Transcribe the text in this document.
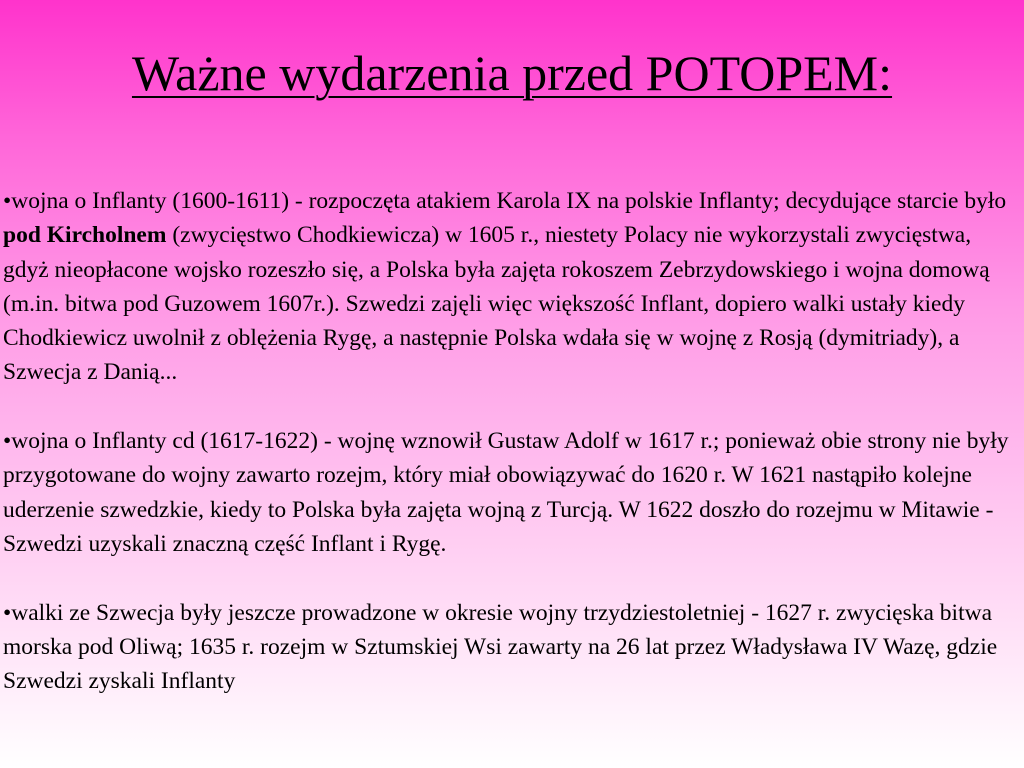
Ważne wydarzenia przed POTOPEM:

•wojna o Inflanty (1600-1611) - rozpoczęta atakiem Karola IX na polskie Inflanty; decydujące starcie było pod Kircholnem (zwycięstwo Chodkiewicza) w 1605 r., niestety Polacy nie wykorzystali zwycięstwa, gdyż nieopłacone wojsko rozeszło się, a Polska była zajęta rokoszem Zebrzydowskiego i wojna domową (m.in. bitwa pod Guzowem 1607r.). Szwedzi zajęli więc większość Inflant, dopiero walki ustały kiedy Chodkiewicz uwolnił z oblężenia Rygę, a następnie Polska wdała się w wojnę z Rosją (dymitriady), a Szwecja z Danią...

•wojna o Inflanty cd (1617-1622) - wojnę wznowił Gustaw Adolf w 1617 r.; ponieważ obie strony nie były przygotowane do wojny zawarto rozejm, który miał obowiązywać do 1620 r. W 1621 nastąpiło kolejne uderzenie szwedzkie, kiedy to Polska była zajęta wojną z Turcją. W 1622 doszło do rozejmu w Mitawie - Szwedzi uzyskali znaczną część Inflant i Rygę.

•walki ze Szwecja były jeszcze prowadzone w okresie wojny trzydziestoletniej - 1627 r. zwycięska bitwa morska pod Oliwą; 1635 r. rozejm w Sztumskiej Wsi zawarty na 26 lat przez Władysława IV Wazę, gdzie Szwedzi zyskali Inflanty
